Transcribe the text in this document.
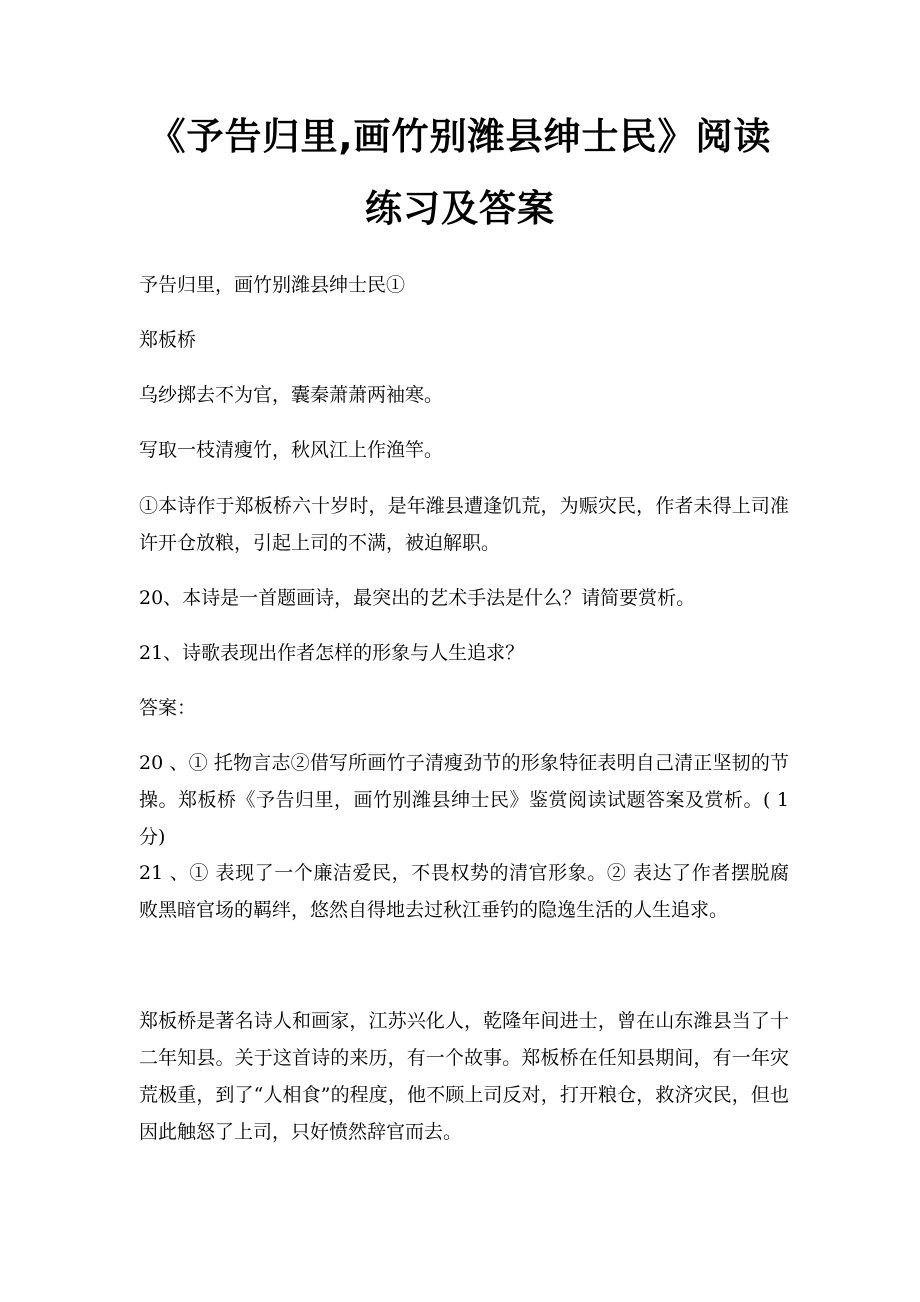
《予告归里,画竹别潍县绅士民》阅读
练习及答案

予告归里，画竹别潍县绅士民①

郑板桥

乌纱掷去不为官，囊秦萧萧两袖寒。

写取一枝清瘦竹，秋风江上作渔竿。

①本诗作于郑板桥六十岁时，是年潍县遭逢饥荒，为赈灾民，作者未得上司准许开仓放粮，引起上司的不满，被迫解职。

20、本诗是一首题画诗，最突出的艺术手法是什么？请简要赏析。

21、诗歌表现出作者怎样的形象与人生追求？

答案：

20 、① 托物言志②借写所画竹子清瘦劲节的形象特征表明自己清正坚韧的节操。郑板桥《予告归里，画竹别潍县绅士民》鉴赏阅读试题答案及赏析。( 1 分)

21 、① 表现了一个廉洁爱民，不畏权势的清官形象。② 表达了作者摆脱腐败黑暗官场的羁绊，悠然自得地去过秋江垂钓的隐逸生活的人生追求。

郑板桥是著名诗人和画家，江苏兴化人，乾隆年间进士，曾在山东潍县当了十二年知县。关于这首诗的来历，有一个故事。郑板桥在任知县期间，有一年灾荒极重，到了“人相食”的程度，他不顾上司反对，打开粮仓，救济灾民，但也因此触怒了上司，只好愤然辞官而去。
